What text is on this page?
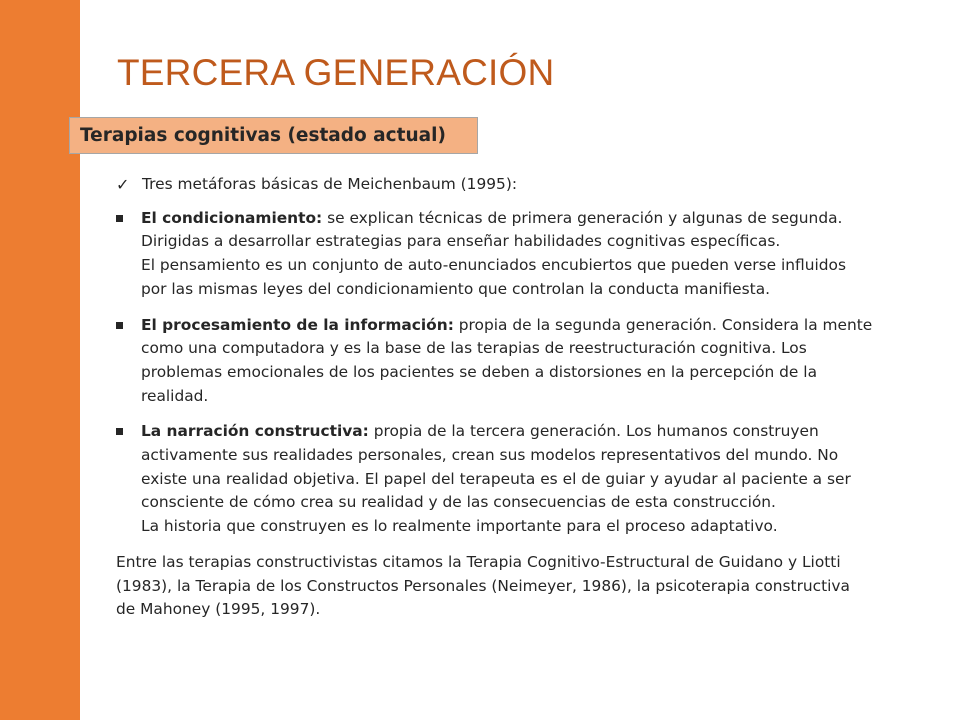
TERCERA GENERACIÓN
Terapias cognitivas (estado actual)
✓ Tres metáforas básicas de Meichenbaum (1995):
El condicionamiento: se explican técnicas de primera generación y algunas de segunda.
Dirigidas a desarrollar estrategias para enseñar habilidades cognitivas específicas.
El pensamiento es un conjunto de auto-enunciados encubiertos que pueden verse influidos
por las mismas leyes del condicionamiento que controlan la conducta manifiesta.
El procesamiento de la información: propia de la segunda generación. Considera la mente
como una computadora y es la base de las terapias de reestructuración cognitiva. Los
problemas emocionales de los pacientes se deben a distorsiones en la percepción de la
realidad.
La narración constructiva: propia de la tercera generación. Los humanos construyen
activamente sus realidades personales, crean sus modelos representativos del mundo. No
existe una realidad objetiva. El papel del terapeuta es el de guiar y ayudar al paciente a ser
consciente de cómo crea su realidad y de las consecuencias de esta construcción.
La historia que construyen es lo realmente importante para el proceso adaptativo.
Entre las terapias constructivistas citamos la Terapia Cognitivo-Estructural de Guidano y Liotti
(1983), la Terapia de los Constructos Personales (Neimeyer, 1986), la psicoterapia constructiva
de Mahoney (1995, 1997).
